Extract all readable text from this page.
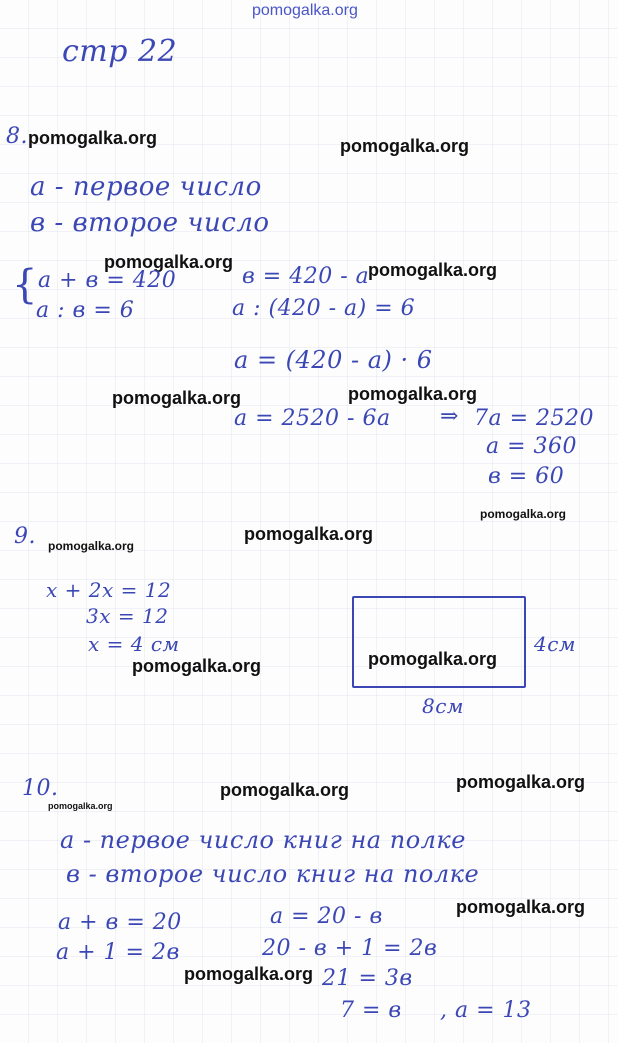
pomogalka.org
pomogalka.org	pomogalka.org
pomogalka.org	pomogalka.org
pomogalka.org	pomogalka.org
pomogalka.org
pomogalka.org
pomogalka.org
pomogalka.org	pomogalka.org
pomogalka.org
pomogalka.org
pomogalka.org
pomogalka.org
pomogalka.org
стр 22
8.
а - первое число
в - второе число
{ а + в = 420
а : в = 6
в = 420 - а
а : (420 - а) = 6
а = (420 - а) · 6
а = 2520 - 6а ⇒ 7а = 2520
а = 360
в = 60
9.
x + 2x = 12
3x = 12
x = 4 см	4см
8см
10.
а - первое число книг на полке
в - второе число книг на полке
а + в = 20
а + 1 = 2в
а = 20 - в
20 - в + 1 = 2в
21 = 3в
7 = в , а = 13
